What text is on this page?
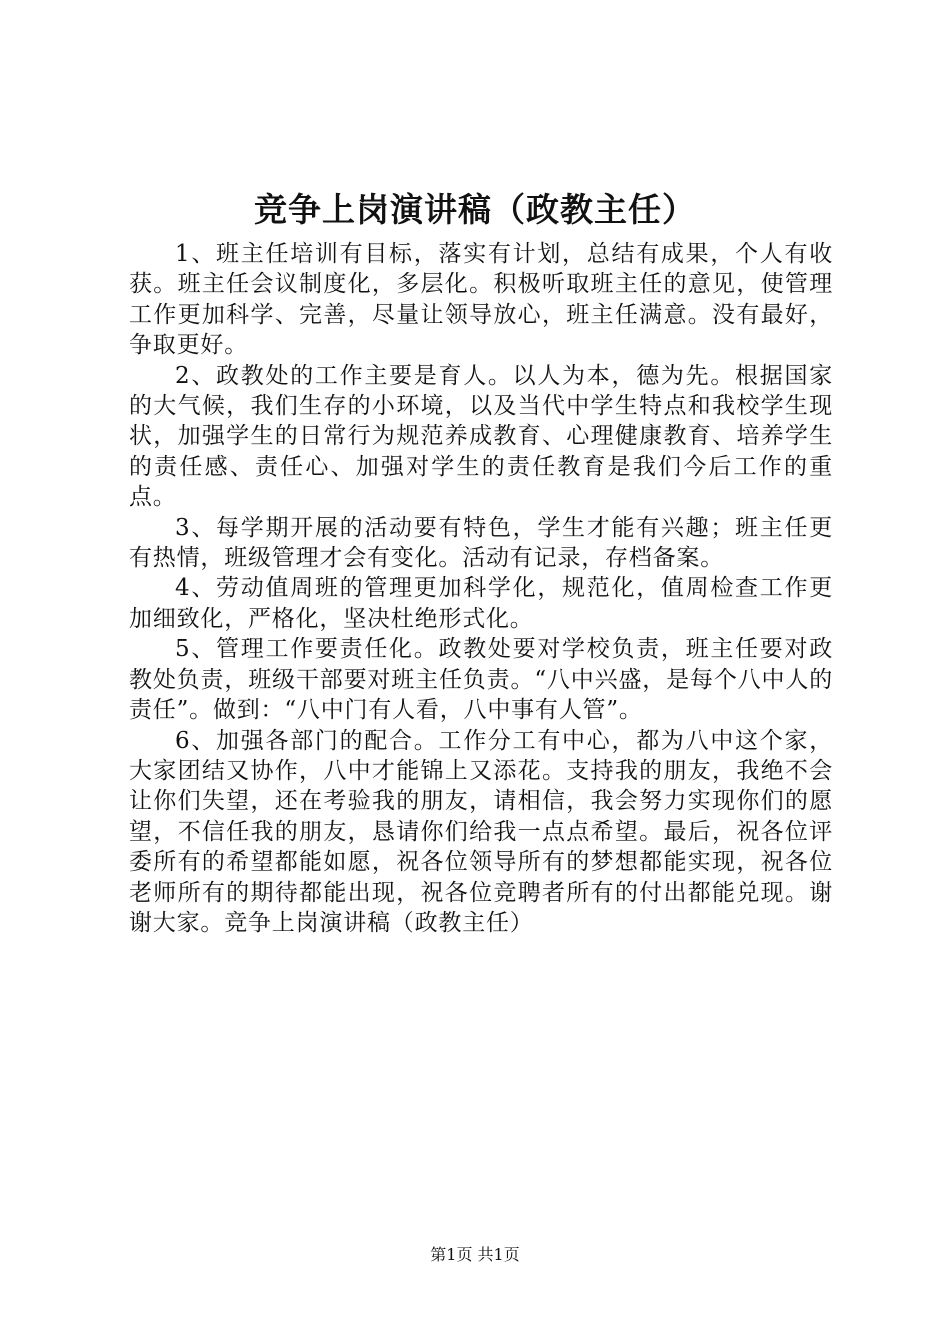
竞争上岗演讲稿（政教主任）

1、班主任培训有目标，落实有计划，总结有成果，个人有收获。班主任会议制度化，多层化。积极听取班主任的意见，使管理工作更加科学、完善，尽量让领导放心，班主任满意。没有最好，争取更好。

2、政教处的工作主要是育人。以人为本，德为先。根据国家的大气候，我们生存的小环境，以及当代中学生特点和我校学生现状，加强学生的日常行为规范养成教育、心理健康教育、培养学生的责任感、责任心、加强对学生的责任教育是我们今后工作的重点。

3、每学期开展的活动要有特色，学生才能有兴趣；班主任更有热情，班级管理才会有变化。活动有记录，存档备案。

4、劳动值周班的管理更加科学化，规范化，值周检查工作更加细致化，严格化，坚决杜绝形式化。

5、管理工作要责任化。政教处要对学校负责，班主任要对政教处负责，班级干部要对班主任负责。“八中兴盛，是每个八中人的责任”。做到：“八中门有人看，八中事有人管”。

6、加强各部门的配合。工作分工有中心，都为八中这个家，大家团结又协作，八中才能锦上又添花。支持我的朋友，我绝不会让你们失望，还在考验我的朋友，请相信，我会努力实现你们的愿望，不信任我的朋友，恳请你们给我一点点希望。最后，祝各位评委所有的希望都能如愿，祝各位领导所有的梦想都能实现，祝各位老师所有的期待都能出现，祝各位竞聘者所有的付出都能兑现。谢谢大家。竞争上岗演讲稿（政教主任）

第1页 共1页
